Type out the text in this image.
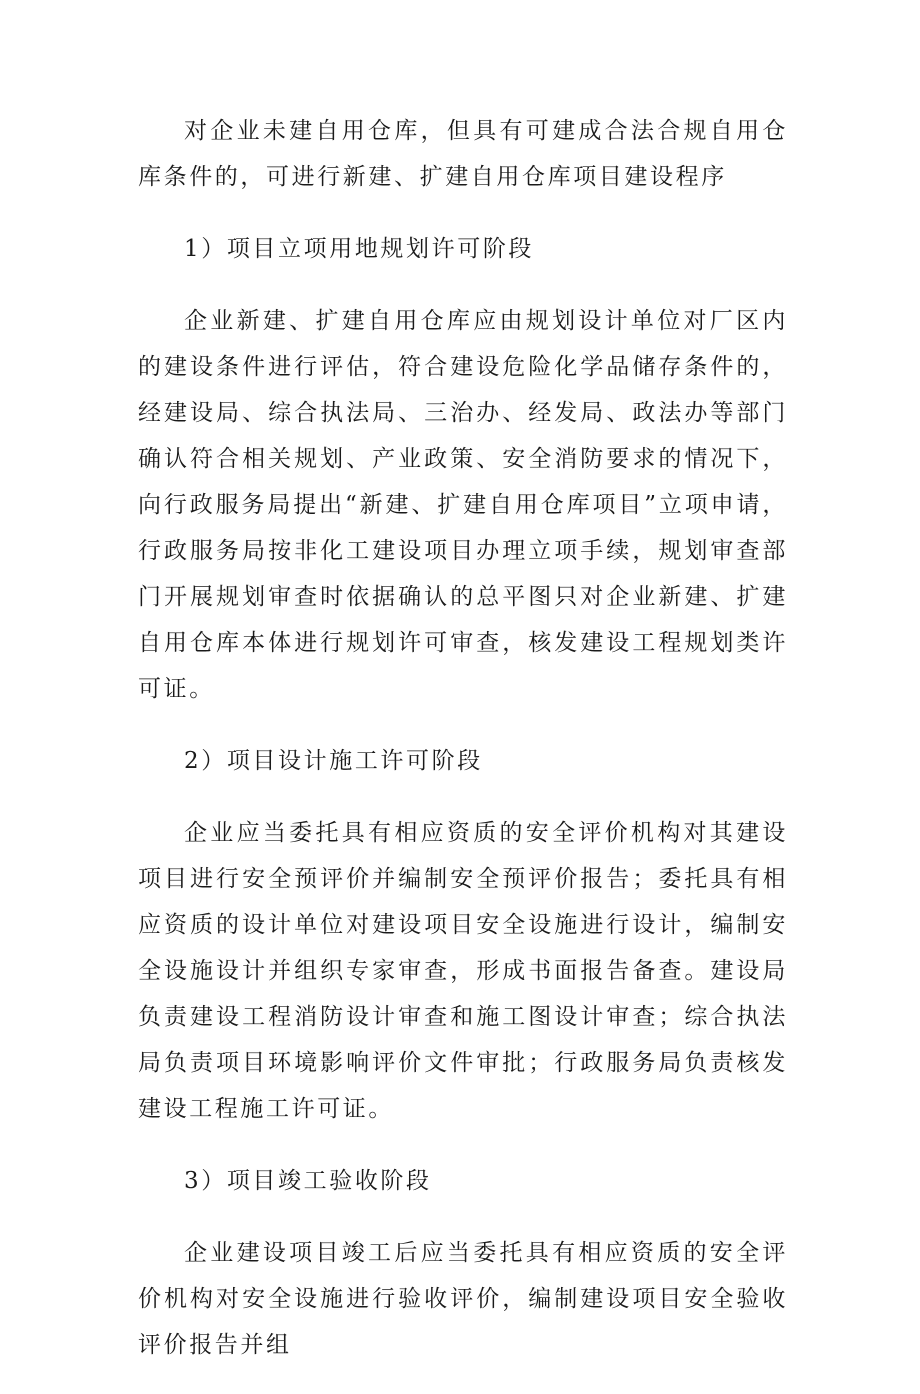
对企业未建自用仓库，但具有可建成合法合规自用仓库条件的，可进行新建、扩建自用仓库项目建设程序

1）项目立项用地规划许可阶段

企业新建、扩建自用仓库应由规划设计单位对厂区内的建设条件进行评估，符合建设危险化学品储存条件的，经建设局、综合执法局、三治办、经发局、政法办等部门确认符合相关规划、产业政策、安全消防要求的情况下，向行政服务局提出“新建、扩建自用仓库项目”立项申请，行政服务局按非化工建设项目办理立项手续，规划审查部门开展规划审查时依据确认的总平图只对企业新建、扩建自用仓库本体进行规划许可审查，核发建设工程规划类许可证。

2）项目设计施工许可阶段

企业应当委托具有相应资质的安全评价机构对其建设项目进行安全预评价并编制安全预评价报告；委托具有相应资质的设计单位对建设项目安全设施进行设计，编制安全设施设计并组织专家审查，形成书面报告备查。建设局负责建设工程消防设计审查和施工图设计审查；综合执法局负责项目环境影响评价文件审批；行政服务局负责核发建设工程施工许可证。

3）项目竣工验收阶段

企业建设项目竣工后应当委托具有相应资质的安全评价机构对安全设施进行验收评价，编制建设项目安全验收评价报告并组
